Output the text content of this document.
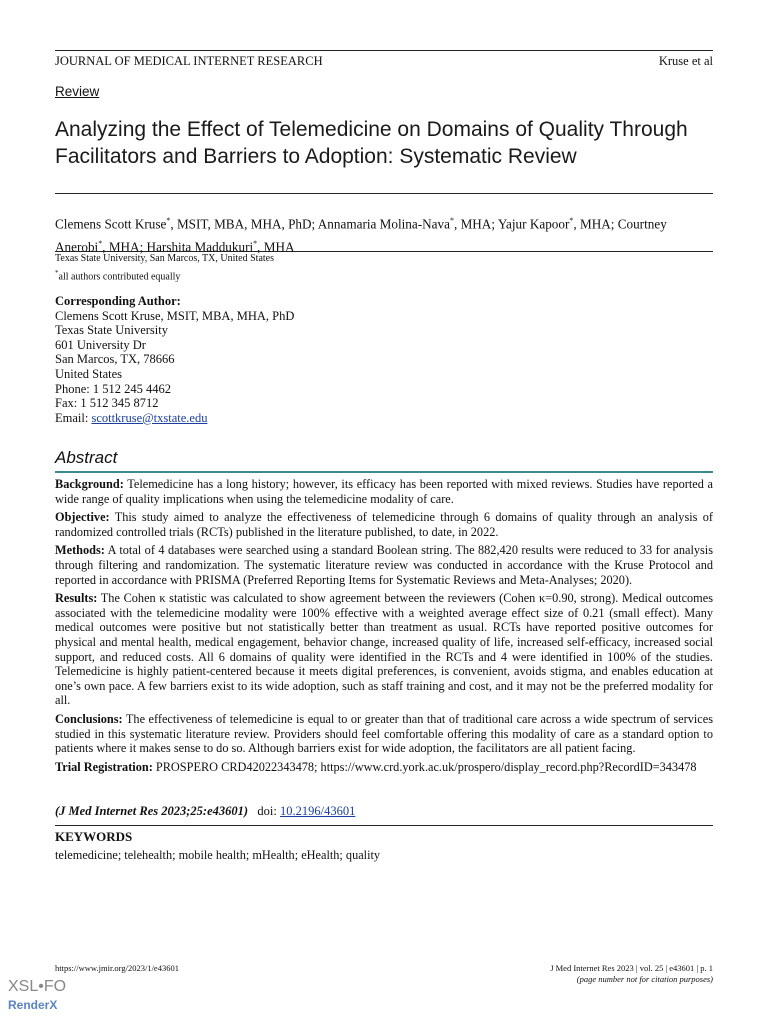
JOURNAL OF MEDICAL INTERNET RESEARCH	Kruse et al
Review
Analyzing the Effect of Telemedicine on Domains of Quality Through Facilitators and Barriers to Adoption: Systematic Review
Clemens Scott Kruse*, MSIT, MBA, MHA, PhD; Annamaria Molina-Nava*, MHA; Yajur Kapoor*, MHA; Courtney Anerobi*, MHA; Harshita Maddukuri*, MHA
Texas State University, San Marcos, TX, United States
*all authors contributed equally
Corresponding Author:
Clemens Scott Kruse, MSIT, MBA, MHA, PhD
Texas State University
601 University Dr
San Marcos, TX, 78666
United States
Phone: 1 512 245 4462
Fax: 1 512 345 8712
Email: scottkruse@txstate.edu
Abstract

Background: Telemedicine has a long history; however, its efficacy has been reported with mixed reviews. Studies have reported a wide range of quality implications when using the telemedicine modality of care.

Objective: This study aimed to analyze the effectiveness of telemedicine through 6 domains of quality through an analysis of randomized controlled trials (RCTs) published in the literature published, to date, in 2022.

Methods: A total of 4 databases were searched using a standard Boolean string. The 882,420 results were reduced to 33 for analysis through filtering and randomization. The systematic literature review was conducted in accordance with the Kruse Protocol and reported in accordance with PRISMA (Preferred Reporting Items for Systematic Reviews and Meta-Analyses; 2020).

Results: The Cohen κ statistic was calculated to show agreement between the reviewers (Cohen κ=0.90, strong). Medical outcomes associated with the telemedicine modality were 100% effective with a weighted average effect size of 0.21 (small effect). Many medical outcomes were positive but not statistically better than treatment as usual. RCTs have reported positive outcomes for physical and mental health, medical engagement, behavior change, increased quality of life, increased self-efficacy, increased social support, and reduced costs. All 6 domains of quality were identified in the RCTs and 4 were identified in 100% of the studies. Telemedicine is highly patient-centered because it meets digital preferences, is convenient, avoids stigma, and enables education at one’s own pace. A few barriers exist to its wide adoption, such as staff training and cost, and it may not be the preferred modality for all.

Conclusions: The effectiveness of telemedicine is equal to or greater than that of traditional care across a wide spectrum of services studied in this systematic literature review. Providers should feel comfortable offering this modality of care as a standard option to patients where it makes sense to do so. Although barriers exist for wide adoption, the facilitators are all patient facing.

Trial Registration: PROSPERO CRD42022343478; https://www.crd.york.ac.uk/prospero/display_record.php?RecordID=343478

(J Med Internet Res 2023;25:e43601) doi: 10.2196/43601
KEYWORDS
telemedicine; telehealth; mobile health; mHealth; eHealth; quality
https://www.jmir.org/2023/1/e43601	J Med Internet Res 2023 | vol. 25 | e43601 | p. 1
(page number not for citation purposes)
XSL•FO
RenderX
